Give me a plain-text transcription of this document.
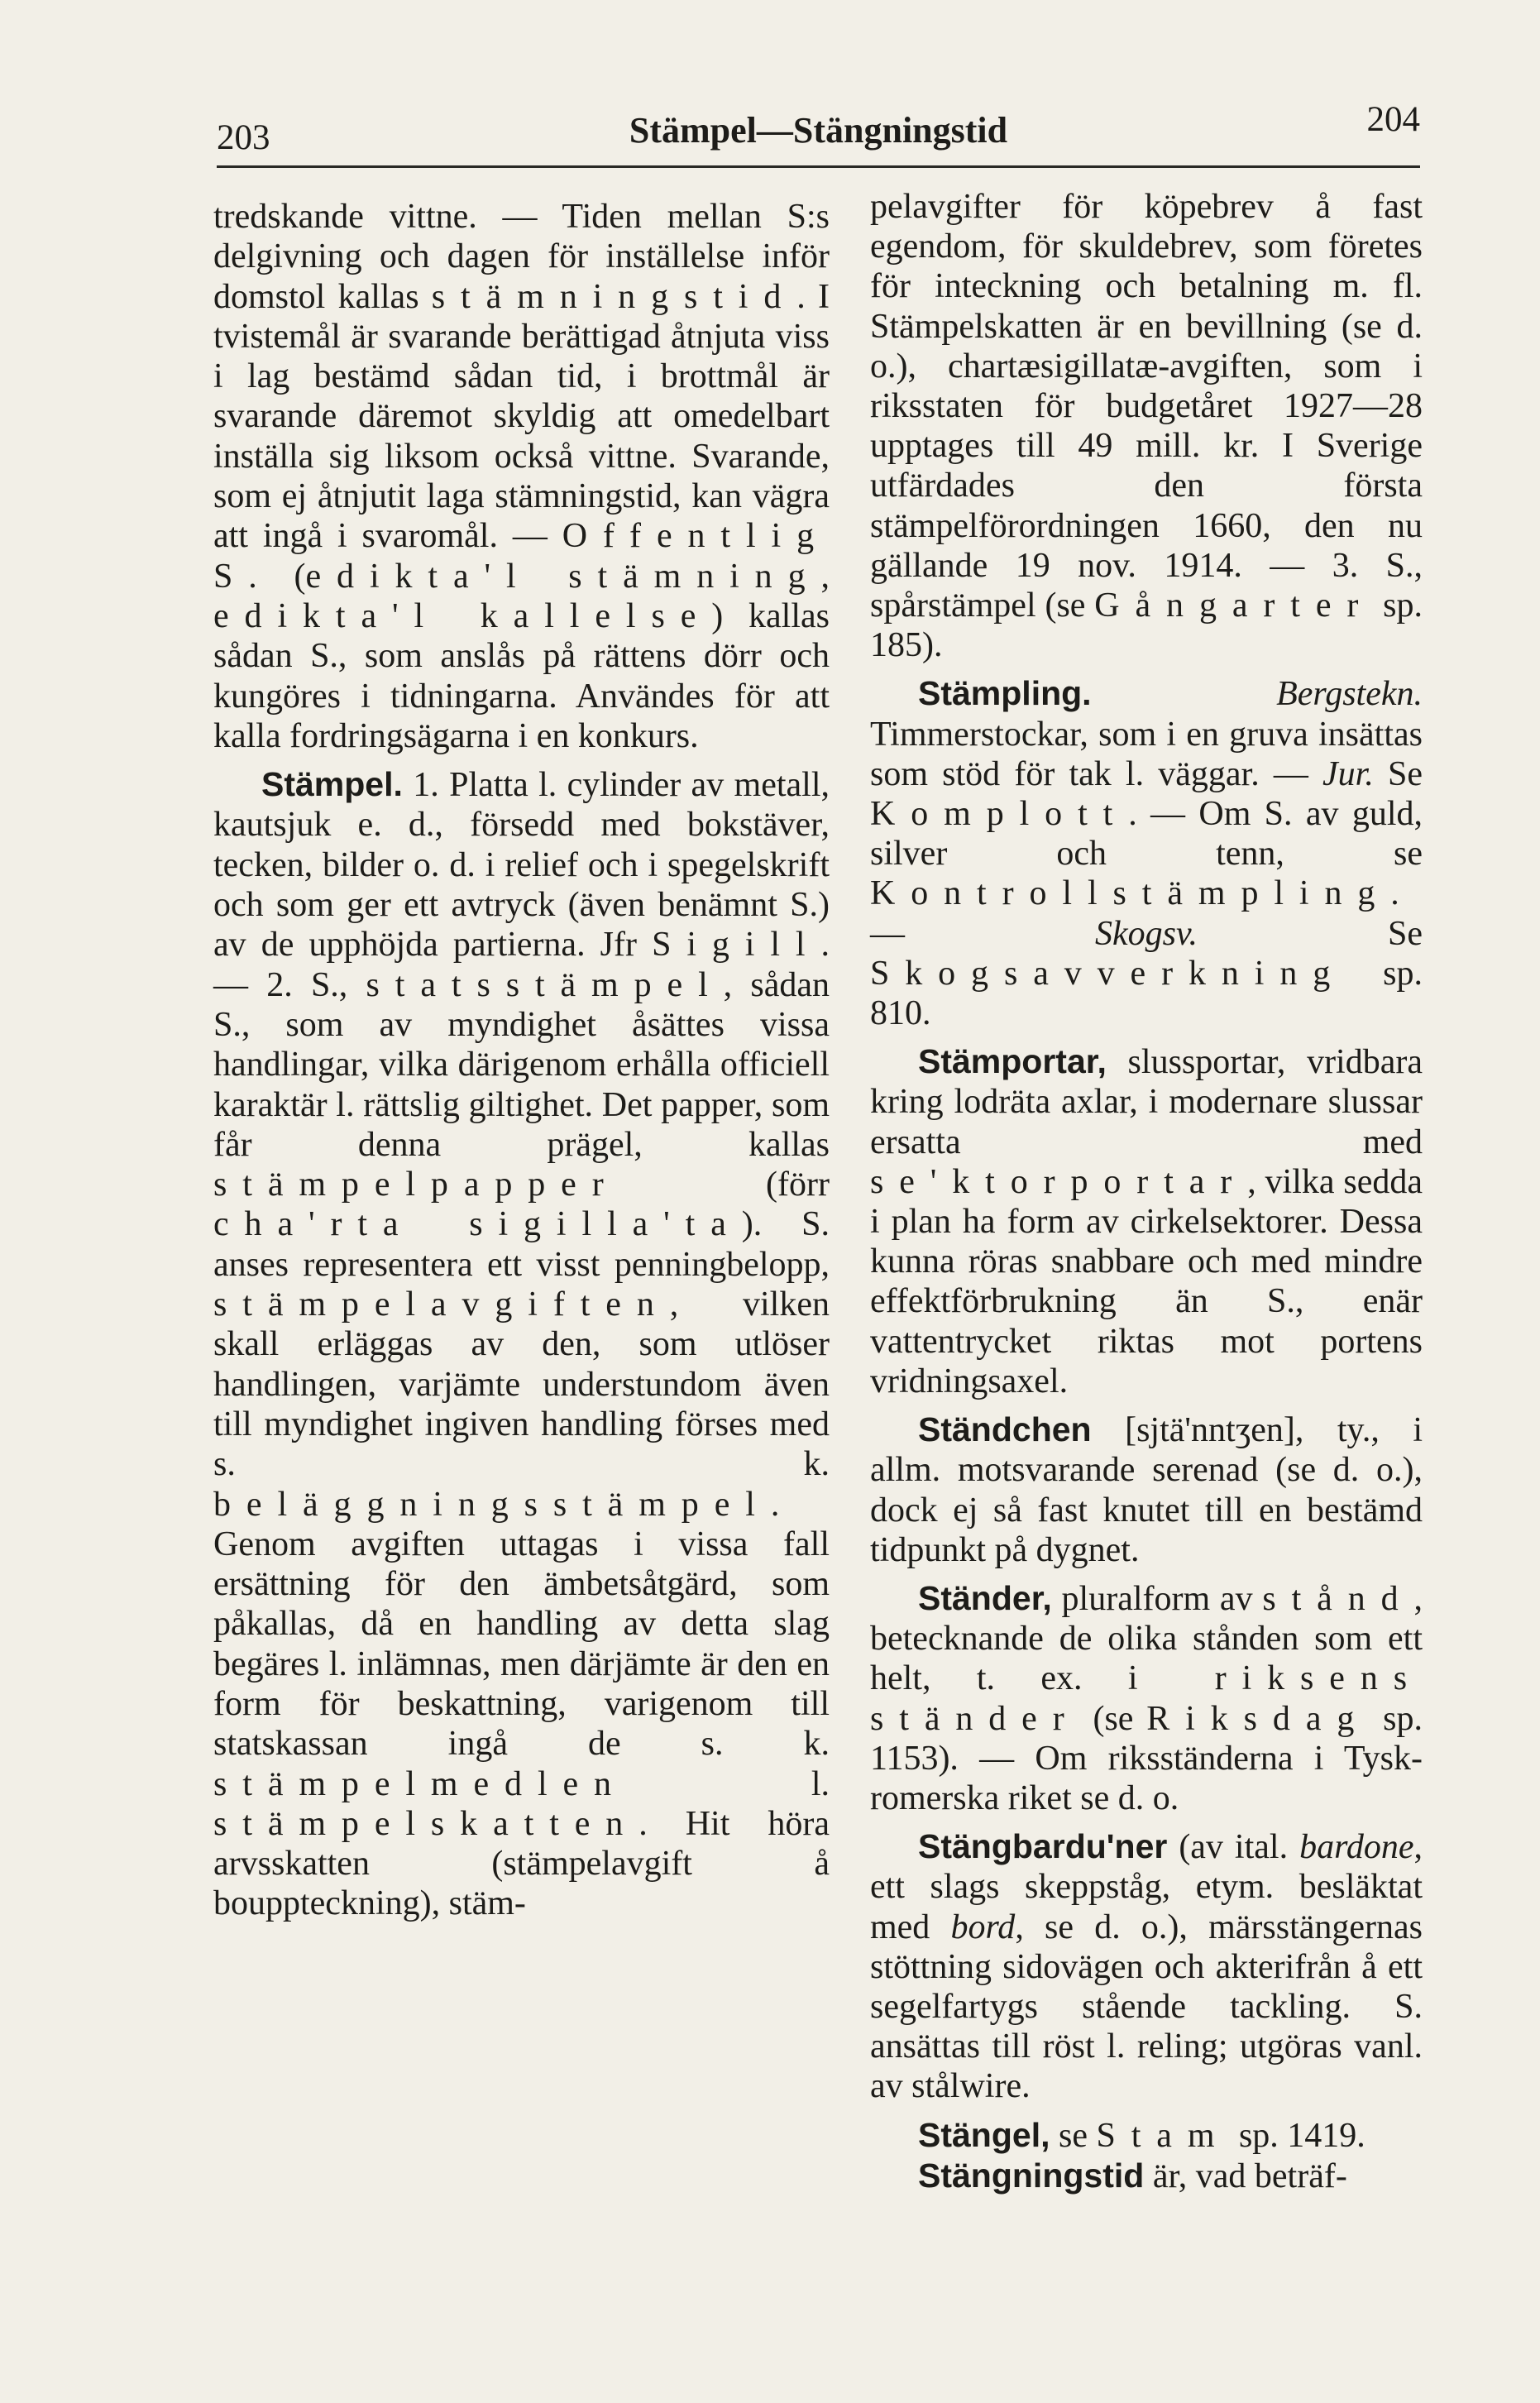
203	Stämpel—Stängningstid	204

tredskande vittne. — Tiden mellan S:s delgivning och dagen för inställelse inför domstol kallas stämningstid. I tvistemål är svarande berättigad åtnjuta viss i lag bestämd sådan tid, i brottmål är svarande däremot skyldig att omedelbart inställa sig liksom också vittne. Svarande, som ej åtnjutit laga stämningstid, kan vägra att ingå i svaromål. — Offentlig S. (edikta'l stämning, edikta'l kallelse) kallas sådan S., som anslås på rättens dörr och kungöres i tidningarna. Användes för att kalla fordringsägarna i en konkurs.

Stämpel. 1. Platta l. cylinder av metall, kautsjuk e. d., försedd med bokstäver, tecken, bilder o. d. i relief och i spegelskrift och som ger ett avtryck (även benämnt S.) av de upphöjda partierna. Jfr Sigill. — 2. S., statsstämpel, sådan S., som av myndighet åsättes vissa handlingar, vilka därigenom erhålla officiell karaktär l. rättslig giltighet. Det papper, som får denna prägel, kallas stämpelpapper (förr cha'rta sigilla'ta). S. anses representera ett visst penningbelopp, stämpelavgiften, vilken skall erläggas av den, som utlöser handlingen, varjämte understundom även till myndighet ingiven handling förses med s. k. beläggningsstämpel. Genom avgiften uttagas i vissa fall ersättning för den ämbetsåtgärd, som påkallas, då en handling av detta slag begäres l. inlämnas, men därjämte är den en form för beskattning, varigenom till statskassan ingå de s. k. stämpelmedlen l. stämpelskatten. Hit höra arvsskatten (stämpelavgift å bouppteckning), stäm-

pelavgifter för köpebrev å fast egendom, för skuldebrev, som företes för inteckning och betalning m. fl. Stämpelskatten är en bevillning (se d. o.), chartæsigillatæ-avgiften, som i riksstaten för budgetåret 1927—28 upptages till 49 mill. kr. I Sverige utfärdades den första stämpelförordningen 1660, den nu gällande 19 nov. 1914. — 3. S., spårstämpel (se Gångarter sp. 185).

Stämpling.	Bergstekn. Timmerstockar, som i en gruva insättas som stöd för tak l. väggar. — Jur. Se Komplott. — Om S. av guld, silver och tenn, se Kontrollstämpling. — Skogsv. Se Skogsavverkning sp. 810.

Stämportar, slussportar, vridbara kring lodräta axlar, i modernare slussar ersatta med se'ktorportar, vilka sedda i plan ha form av cirkelsektorer. Dessa kunna röras snabbare och med mindre effektförbrukning än S., enär vattentrycket riktas mot portens vridningsaxel.

Ständchen [sjtä'nntʒen], ty., i allm. motsvarande serenad (se d. o.), dock ej så fast knutet till en bestämd tidpunkt på dygnet.

Ständer, pluralform av stånd, betecknande de olika stånden som ett helt, t. ex. i riksens ständer (se Riksdag sp. 1153). — Om riksständerna i Tysk-romerska riket se d. o.

Stängbardu'ner (av ital. bardone, ett slags skeppståg, etym. besläktat med bord, se d. o.), märsstängernas stöttning sidovägen och akterifrån å ett segelfartygs stående tackling. S. ansättas till röst l. reling; utgöras vanl. av stålwire.

Stängel, se Stam sp. 1419.

Stängningstid är, vad beträf-
